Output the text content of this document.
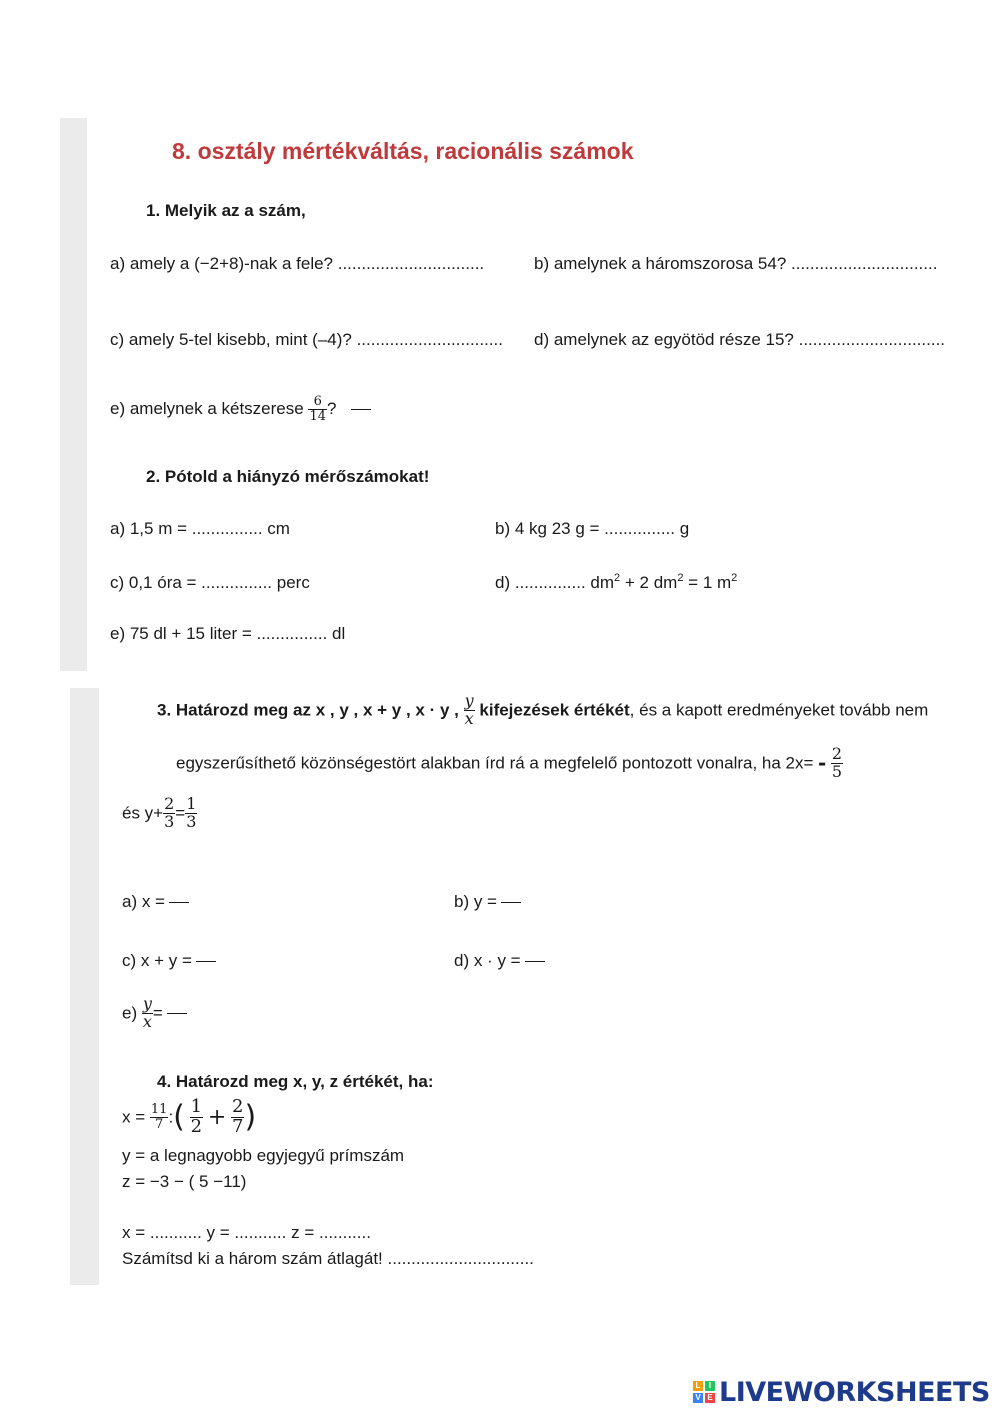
8. osztály mértékváltás, racionális számok
1. Melyik az a szám,
a) amely a (−2+8)-nak a fele? ...............................	b) amelynek a háromszorosa 54? ...............................
c) amely 5-tel kisebb, mint (–4)? ............................... d) amelynek az egyötöd része 15? ...............................
e) amelynek a kétszerese $\frac{6}{14}$ ?
2. Pótold a hiányzó mérőszámokat!
a) 1,5 m = ............... cm	b) 4 kg 23 g = ............... g
c) 0,1 óra = ............... perc	d) ............... $dm^2 + 2$ $dm^2 = 1$ $m^2$
e) 75 dl + 15 liter = ............... dl
3. Határozd meg az x , y , x + y , x · y , $\frac{y}{x}$ kifejezések értékét, és a kapott eredményeket tovább nem
egyszerűsíthető közönségestört alakban írd rá a megfelelő pontozott vonalra, ha $2x= - \frac{2}{5}$
és $y+ \frac{2}{3} = \frac{1}{3}$
a) x =	b) y =
c) x + y =	d) x · y =
$e) \frac{y}{x}$ =
4. Határozd meg x, y, z értékét, ha:
$x = \frac{11}{7}$ :( $\frac{1}{2} + \frac{2}{7}$ )
y = a legnagyobb egyjegyű prímszám
z = −3 − ( 5 −11)
x = ........... y = ........... z = ...........
Számítsd ki a három szám átlagát! ...............................
L	I
V E LIVEWORKSHEETS
